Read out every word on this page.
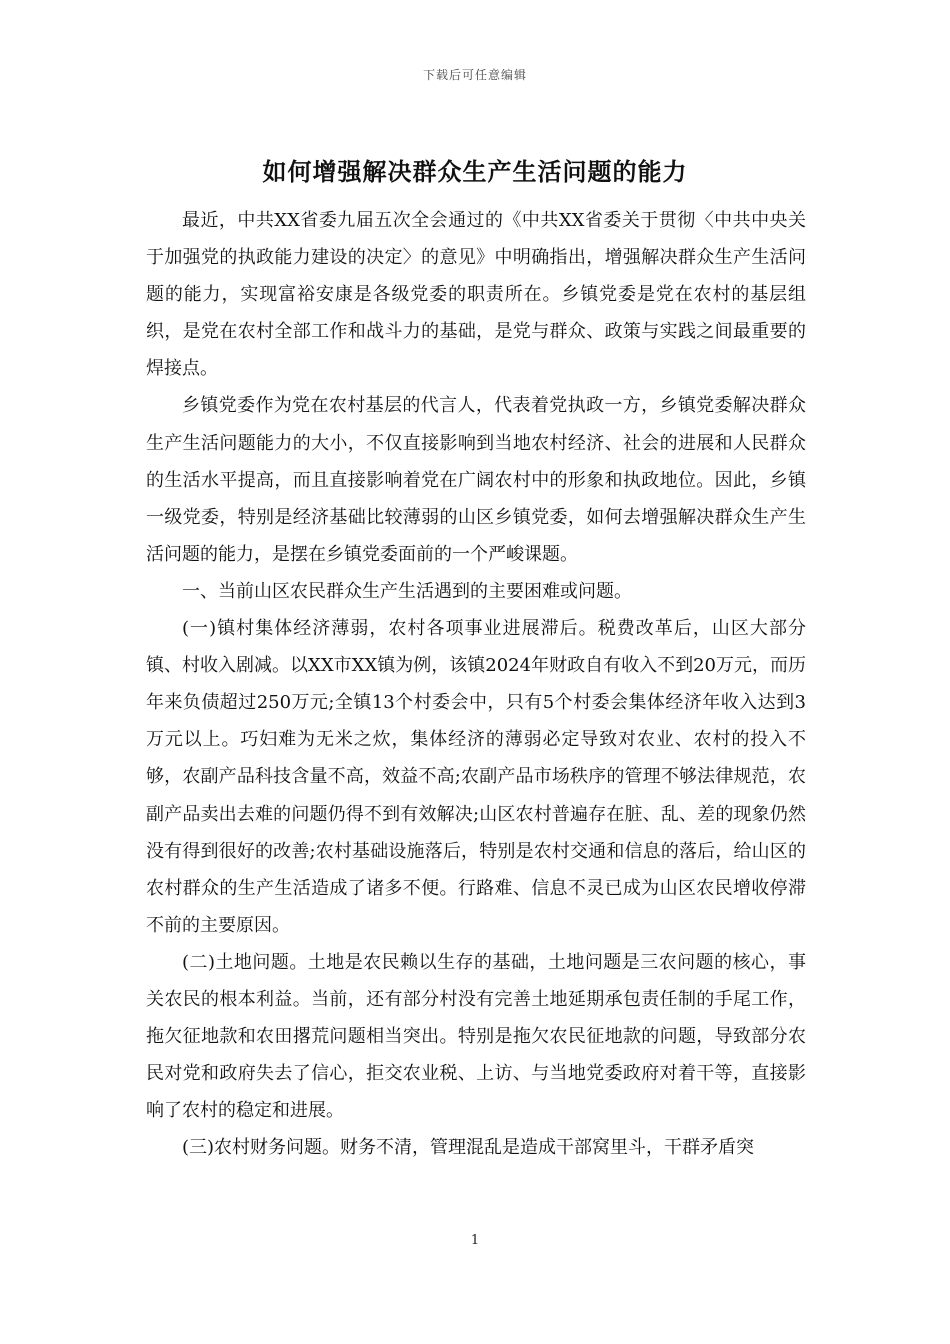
下载后可任意编辑
如何增强解决群众生产生活问题的能力

最近，中共XX省委九届五次全会通过的《中共XX省委关于贯彻〈中共中央关于加强党的执政能力建设的决定〉的意见》中明确指出，增强解决群众生产生活问题的能力，实现富裕安康是各级党委的职责所在。乡镇党委是党在农村的基层组织，是党在农村全部工作和战斗力的基础，是党与群众、政策与实践之间最重要的焊接点。

乡镇党委作为党在农村基层的代言人，代表着党执政一方，乡镇党委解决群众生产生活问题能力的大小，不仅直接影响到当地农村经济、社会的进展和人民群众的生活水平提高，而且直接影响着党在广阔农村中的形象和执政地位。因此，乡镇一级党委，特别是经济基础比较薄弱的山区乡镇党委，如何去增强解决群众生产生活问题的能力，是摆在乡镇党委面前的一个严峻课题。

一、当前山区农民群众生产生活遇到的主要困难或问题。

(一)镇村集体经济薄弱，农村各项事业进展滞后。税费改革后，山区大部分镇、村收入剧减。以XX市XX镇为例，该镇2024年财政自有收入不到20万元，而历年来负债超过250万元;全镇13个村委会中，只有5个村委会集体经济年收入达到3万元以上。巧妇难为无米之炊，集体经济的薄弱必定导致对农业、农村的投入不够，农副产品科技含量不高，效益不高;农副产品市场秩序的管理不够法律规范，农副产品卖出去难的问题仍得不到有效解决;山区农村普遍存在脏、乱、差的现象仍然没有得到很好的改善;农村基础设施落后，特别是农村交通和信息的落后，给山区的农村群众的生产生活造成了诸多不便。行路难、信息不灵已成为山区农民增收停滞不前的主要原因。

(二)土地问题。土地是农民赖以生存的基础，土地问题是三农问题的核心，事关农民的根本利益。当前，还有部分村没有完善土地延期承包责任制的手尾工作，拖欠征地款和农田撂荒问题相当突出。特别是拖欠农民征地款的问题，导致部分农民对党和政府失去了信心，拒交农业税、上访、与当地党委政府对着干等，直接影响了农村的稳定和进展。

(三)农村财务问题。财务不清，管理混乱是造成干部窝里斗，干群矛盾突

1
